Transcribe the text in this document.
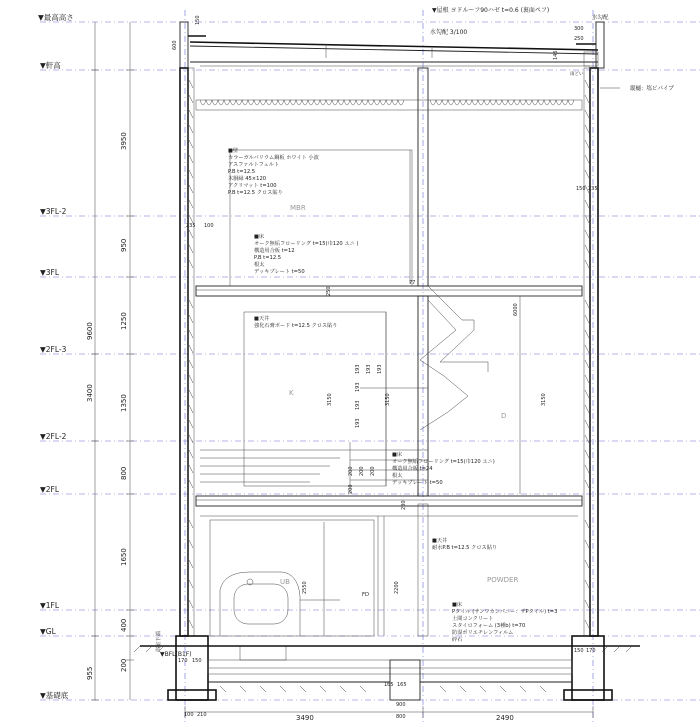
▼最高高さ
▼軒高
▼3FL-2
▼3FL
▼2FL-3
▼2FL-2
▼2FL
▼1FL
▼GL
▼BFL(B1F)
▼基礎底
3950
950
1250
1350
800
1650
400
200
9600
3400
955
3490	2490
150
600
300
250
145
235 100
150 235
250
77
170 150
150 170
165 165
900
800
230
100 210
193
193
193
193
193 193
200
200 200 200
3150	3150
6000
2550	2200
3150
MBR
K
D
UB	POWDER
浴室下端
FD
▼屋根 ヨドルーフ90ハゼ t=0.6 (裏面ペフ)
水勾配 3/100
水勾配
縦樋：塩ビパイプ
雨どい
■壁
カラーガルバリウム鋼板 ホワイト 小波
アスファルトフェルト
P.B t=12.5
木胴縁 45×120
アクリマット t=100
P.B t=12.5 クロス貼り
■床
オーク無垢フローリング t=15(巾120 ユニ )
構造用合板 t=12
P.B t=12.5
根太
デッキプレート t=50
■天井
強化石膏ボード t=12.5 クロス貼り
■床
オーク無垢フローリング t=15(巾120 ユニ)
構造用合板 t=24
根太
デッキプレート t=50
■天井
耐水P.B t=12.5 クロス貼り
■床
Pタイル (サンワカンパニー：ザPタイル) t=3
土間コンクリート
スタイロフォーム (3種b) t=70
防湿ポリエチレンフィルム
砕石
